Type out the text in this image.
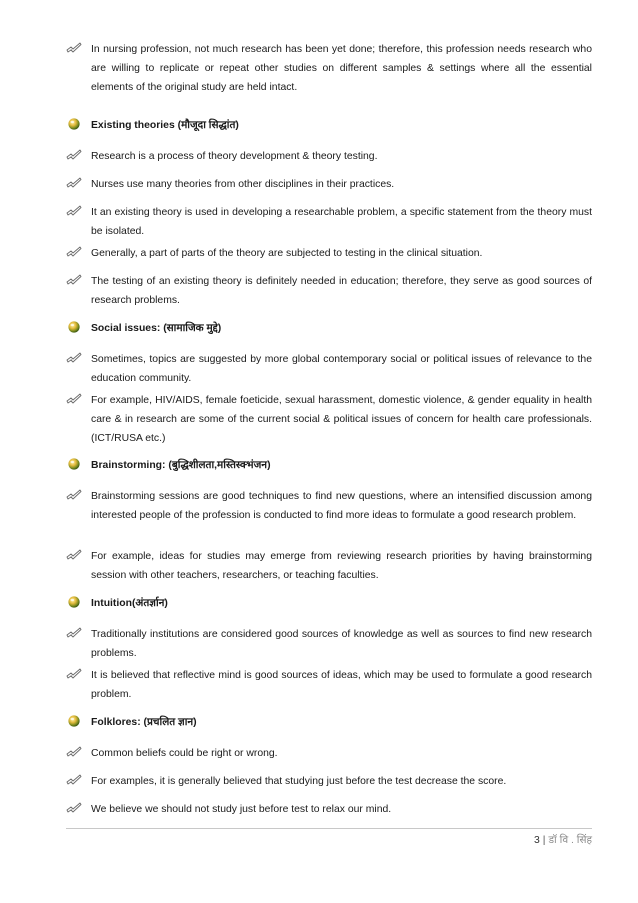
In nursing profession, not much research has been yet done; therefore, this profession needs research who are willing to replicate or repeat other studies on different samples & settings where all the essential elements of the original study are held intact.
Existing theories (मौजूदा सिद्धांत)
Research is a process of theory development & theory testing.
Nurses use many theories from other disciplines in their practices.
It an existing theory is used in developing a researchable problem, a specific statement from the theory must be isolated.
Generally, a part of parts of the theory are subjected to testing in the clinical situation.
The testing of an existing theory is definitely needed in education; therefore, they serve as good sources of research problems.
Social issues: (सामाजिक मुद्दे)
Sometimes, topics are suggested by more global contemporary social or political issues of relevance to the education community.
For example, HIV/AIDS, female foeticide, sexual harassment, domestic violence, & gender equality in health care & in research are some of the current social & political issues of concern for health care professionals. (ICT/RUSA etc.)
Brainstorming: (बुद्धिशीलता,मस्तिस्क्भंजन)
Brainstorming sessions are good techniques to find new questions, where an intensified discussion among interested people of the profession is conducted to find more ideas to formulate a good research problem.
For example, ideas for studies may emerge from reviewing research priorities by having brainstorming session with other teachers, researchers, or teaching faculties.
Intuition(अंतर्ज्ञान)
Traditionally institutions are considered good sources of knowledge as well as sources to find new research problems.
It is believed that reflective mind is good sources of ideas, which may be used to formulate a good research problem.
Folklores: (प्रचलित ज्ञान)
Common beliefs could be right or wrong.
For examples, it is generally believed that studying just before the test decrease the score.
We believe we should not study just before test to relax our mind.
3 | डॉ वि . सिंह
